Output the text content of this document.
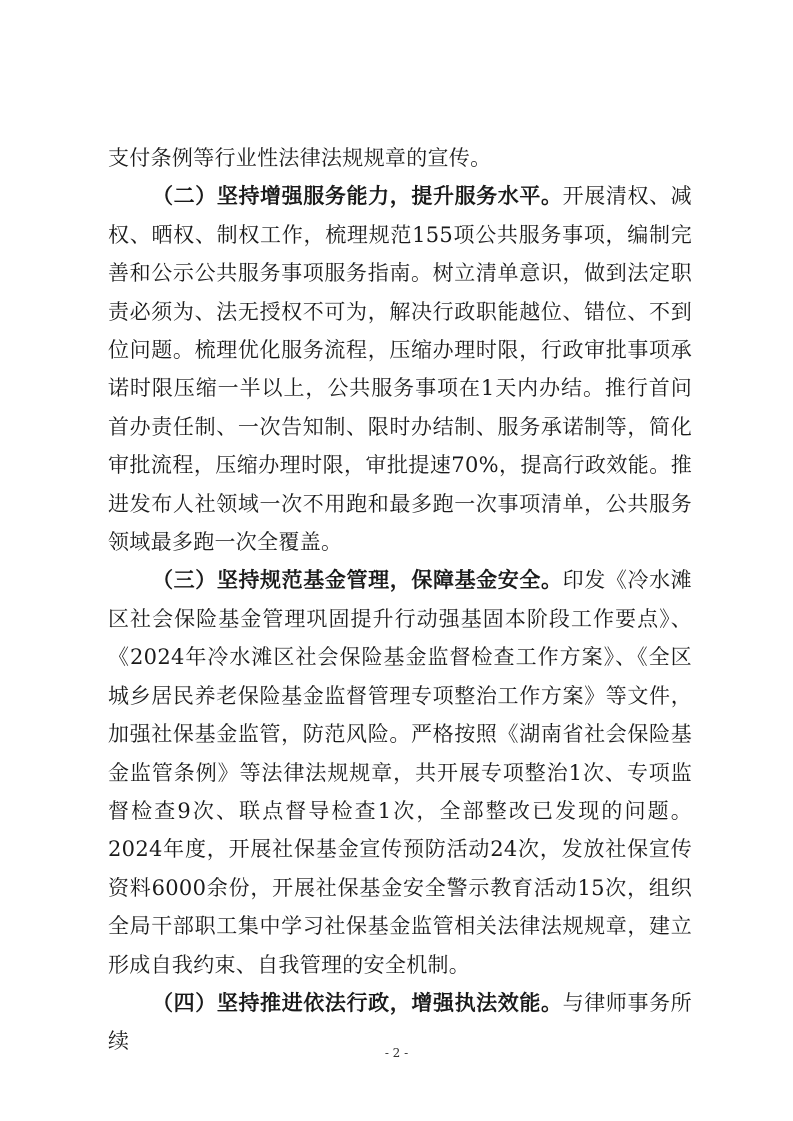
支付条例等行业性法律法规规章的宣传。

（二）坚持增强服务能力，提升服务水平。开展清权、减权、晒权、制权工作，梳理规范155项公共服务事项，编制完善和公示公共服务事项服务指南。树立清单意识，做到法定职责必须为、法无授权不可为，解决行政职能越位、错位、不到位问题。梳理优化服务流程，压缩办理时限，行政审批事项承诺时限压缩一半以上，公共服务事项在1天内办结。推行首问首办责任制、一次告知制、限时办结制、服务承诺制等，简化审批流程，压缩办理时限，审批提速70%，提高行政效能。推进发布人社领域一次不用跑和最多跑一次事项清单，公共服务领域最多跑一次全覆盖。

（三）坚持规范基金管理，保障基金安全。印发《冷水滩区社会保险基金管理巩固提升行动强基固本阶段工作要点》、《2024年冷水滩区社会保险基金监督检查工作方案》、《全区城乡居民养老保险基金监督管理专项整治工作方案》等文件，加强社保基金监管，防范风险。严格按照《湖南省社会保险基金监管条例》等法律法规规章，共开展专项整治1次、专项监督检查9次、联点督导检查1次，全部整改已发现的问题。2024年度，开展社保基金宣传预防活动24次，发放社保宣传资料6000余份，开展社保基金安全警示教育活动15次，组织全局干部职工集中学习社保基金监管相关法律法规规章，建立形成自我约束、自我管理的安全机制。

（四）坚持推进依法行政，增强执法效能。与律师事务所续	- 2 -
